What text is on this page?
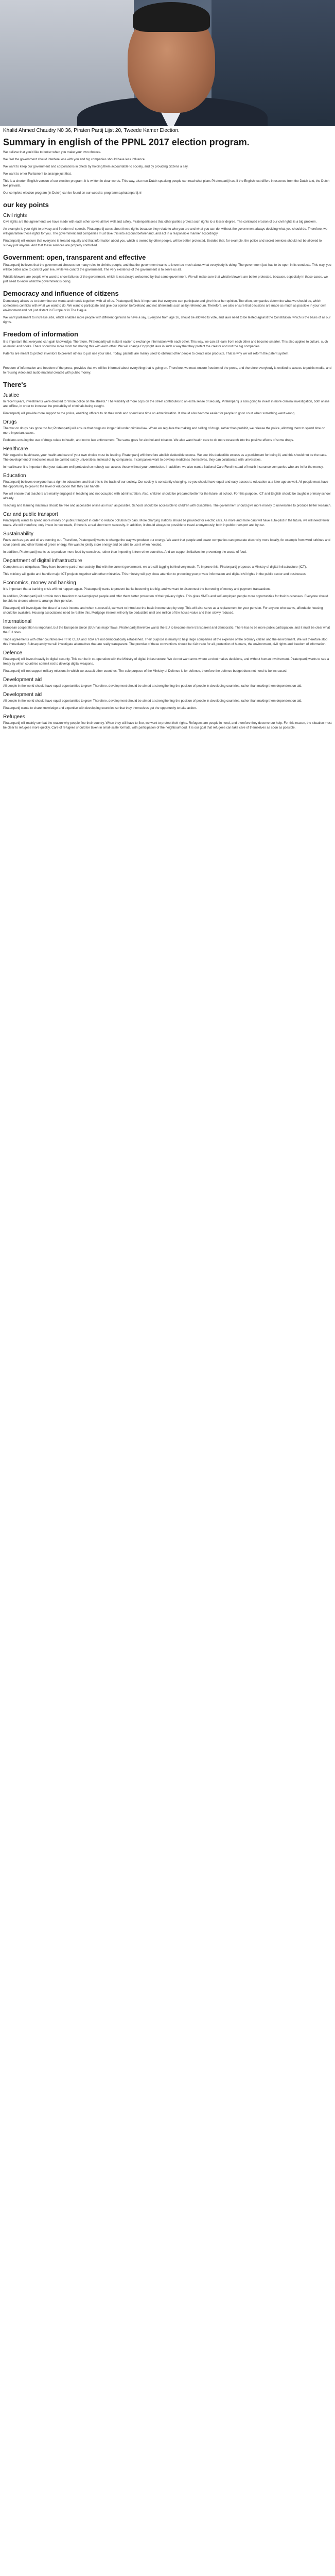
Khalid Ahmed Chaudry N0 36, Piraten Partij Lijst 20, Tweede Kamer Election.
Summary in english of the PPNL 2017 election program.

We believe that you'd like to better when you make your own choices.

We feel the government should interfere less with you and big companies should have less influence.

We want to keep our government and corporations in check by holding them accountable to society, and by providing citizens a say.

We want to enter Parliament to arrange just that.

This is a shorter, English version of our election program. It is written in clear words. This way, also non-Dutch speaking people can read what plans Piratenpartij has, if the English text differs in essence from the Dutch text, the Dutch text prevails.

Our complete election program (in Dutch) can be found on our website: programma.piratenpartij.nl

our key points
Civil rights

Civil rights are the agreements we have made with each other so we all live well and safely. Piratenpartij sees that other parties protect such rights to a lesser degree. The continued erosion of our civil rights is a big problem.

An example is your right to privacy and freedom of speech. Piratenpartij cares about these rights because they relate to who you are and what you can do, without the government always deciding what you should do. Therefore, we will guarantee these rights for you. The government and companies must take this into account beforehand, and act in a responsible manner accordingly.

Piratenpartij will ensure that everyone is treated equally and that information about you, which is owned by other people, will be better protected. Besides that, for example, the police and secret services should not be allowed to survey just anyone. And that these services are properly controlled.

Government: open, transparent and effective

Piratenpartij believes that the government chooses too many rules to shrinks people, and that the government wants to know too much about what everybody is doing. The government just has to be open in its conducts. This way, you will be better able to control your live, while we control the government. The very existence of the government is to serve us all.

Whistle blowers are people who want to show failures of the government, which is not always welcomed by that same government. We will make sure that whistle blowers are better protected, because, especially in those cases, we just need to know what the government is doing.

Democracy and influence of citizens

Democracy allows us to determine our wants and needs together, with all of us. Piratenpartij finds it important that everyone can participate and give his or her opinion. Too often, companies determine what we should do, which sometimes conflicts with what we want to do. We want to participate and give our opinion beforehand and not afterwards such as by referendum. Therefore, we also ensure that decisions are made as much as possible in your own environment and not just distant in Europe or in The Hague.

We want parliament to increase size, which enables more people with different opinions to have a say. Everyone from age 16, should be allowed to vote, and laws need to be tested against the Constitution, which is the basis of all our rights.

Freedom of information

It is important that everyone can gain knowledge. Therefore, Piratenpartij will make it easier to exchange information with each other. This way, we can all learn from each other and become smarter. This also applies to culture, such as music and books. There should be more room for sharing this with each other. We will change Copyright laws in such a way that they protect the creator and not the big companies.

Patents are meant to protect inventors to prevent others to just use your idea. Today, patents are mainly used to obstruct other people to create nice products. That is why we will reform the patent system.

Freedom of information and freedom of the press, provides that we will be informed about everything that is going on. Therefore, we must ensure freedom of the press, and therefore everybody is entitled to access to public media, and to reusing video and audio material created with public money.

There's
Justice

In recent years, investments were directed to "more police on the streets." The visibility of more cops on the street contributes to an extra sense of security. Piratenpartij is also going to invest in more criminal investigation, both online and offline, in order to increase the probability of criminals being caught.

Piratenpartij will provide more support to the police, enabling officers to do their work and spend less time on administration. It should also become easier for people to go to court when something went wrong.

Drugs

The war on drugs has gone too far; Piratenpartij will ensure that drugs no longer fall under criminal law. When we regulate the making and selling of drugs, rather than prohibit, we release the police, allowing them to spend time on more important cases.

Problems ensuing the use of drugs relate to health, and not to law enforcement. The same goes for alcohol and tobacco. We also want health care to do more research into the positive effects of some drugs.

Healthcare

With regard to healthcare, your health and care of your own choice must be leading. Piratenpartij will therefore abolish deductible excess. We see this deductible excess as a punishment for being ill, and this should not be the case. The development of medicines must be carried out by universities, instead of by companies. If companies want to develop medicines themselves, they can collaborate with universities.

In healthcare, it is important that your data are well protected so nobody can access these without your permission. In addition, we also want a National Care Fund instead of health insurance companies who are in for the money.

Education

Piratenpartij believes everyone has a right to education, and that this is the basis of our society. Our society is constantly changing, so you should have equal and easy access to education at a later age as well. All people must have the opportunity to grow to the level of education that they can handle.

We will ensure that teachers are mainly engaged in teaching and not occupied with administration. Also, children should be prepared better for the future, at school. For this purpose, ICT and English should be taught in primary school already.

Teaching and learning materials should be free and accessible online as much as possible. Schools should be accessible to children with disabilities. The government should give more money to universities to produce better research.

Car and public transport

Piratenpartij wants to spend more money on public transport in order to reduce pollution by cars. More charging stations should be provided for electric cars. As more and more cars will have auto-pilot in the future, we will need fewer roads. We will therefore, only invest in new roads, if there is a real short term necessity. In addition, it should always be possible to travel anonymously, both in public transport and by car.

Sustainability

Fuels such as gas and oil are running out. Therefore, Piratenpartij wants to change the way we produce our energy. We want that people and power companies can generate electricity more locally, for example from wind turbines and solar panels and other forms of green energy. We want to jointly store energy and be able to use it when needed.

In addition, Piratenpartij wants us to produce more food by ourselves, rather than importing it from other countries. And we support initiatives for preventing the waste of food.

Department of digital infrastructure

Computers are ubiquitous. They have become part of our society. But with the current government, we are still lagging behind very much. To improve this, Piratenpartij proposes a Ministry of digital infrastructure (ICT).

This ministry will guide and handle major ICT projects together with other ministries. This ministry will pay close attention to protecting your private information and digital civil rights in the public sector and businesses.

Economics, money and banking

It is important that a banking crisis will not happen again. Piratenpartij wants to prevent banks becoming too big, and we want to disconnect the borrowing of money and payment transactions.

In addition, Piratenpartij will provide more freedom to self-employed people and offer them better protection of their privacy rights. This gives SMEs and self-employed people more opportunities for their businesses. Everyone should be able to choose where to arrange their pension.

Piratenpartij will investigate the idea of a basic income and when successful, we want to introduce the basic income step by step. This will also serve as a replacement for your pension. For anyone who wants, affordable housing should be available. Housing associations need to realize this. Mortgage interest will only be deductible until one million of the house value and then slowly reduced.

International

European cooperation is important, but the European Union (EU) has major flaws. Piratenpartij therefore wants the EU to become more transparent and democratic. There has to be more public participation, and it must be clear what the EU does.

Trade agreements with other countries like TTIP, CETA and TiSA are not democratically established. Their purpose is mainly to help large companies at the expense of the ordinary citizen and the environment. We will therefore stop this immediately. Subsequently we will investigate alternatives that are really transparent. The premise of these conventions should be: fair trade for all, protection of humans, the environment, civil rights and freedom of information.

Defence

Piratenpartij will invest heavily in digital security. This can be in co-operation with the Ministry of digital infrastructure. We do not want arms where a robot makes decisions, and without human involvement. Piratenpartij wants to see a treaty by which countries commit not to develop digital weapons.

Piratenpartij will not support military missions in which we assault other countries. The sole purpose of the Ministry of Defence is for defense, therefore the defence budget does not need to be increased.

Development aid

All people in the world should have equal opportunities to grow. Therefore, development should be aimed at strengthening the position of people in developing countries, rather than making them dependent on aid.

Development aid

All people in the world should have equal opportunities to grow. Therefore, development should be aimed at strengthening the position of people in developing countries, rather than making them dependent on aid.

Piratenpartij wants to share knowledge and expertise with developing countries so that they themselves get the opportunity to take action.

Refugees

Piratenpartij will mainly combat the reason why people flee their country. When they still have to flee, we want to protect their rights. Refugees are people in need, and therefore they deserve our help. For this reason, the situation must be clear to refugees more quickly. Care of refugees should be taken in small-scale formats, with participation of the neighbourhood. It is our goal that refugees can take care of themselves as soon as possible.
